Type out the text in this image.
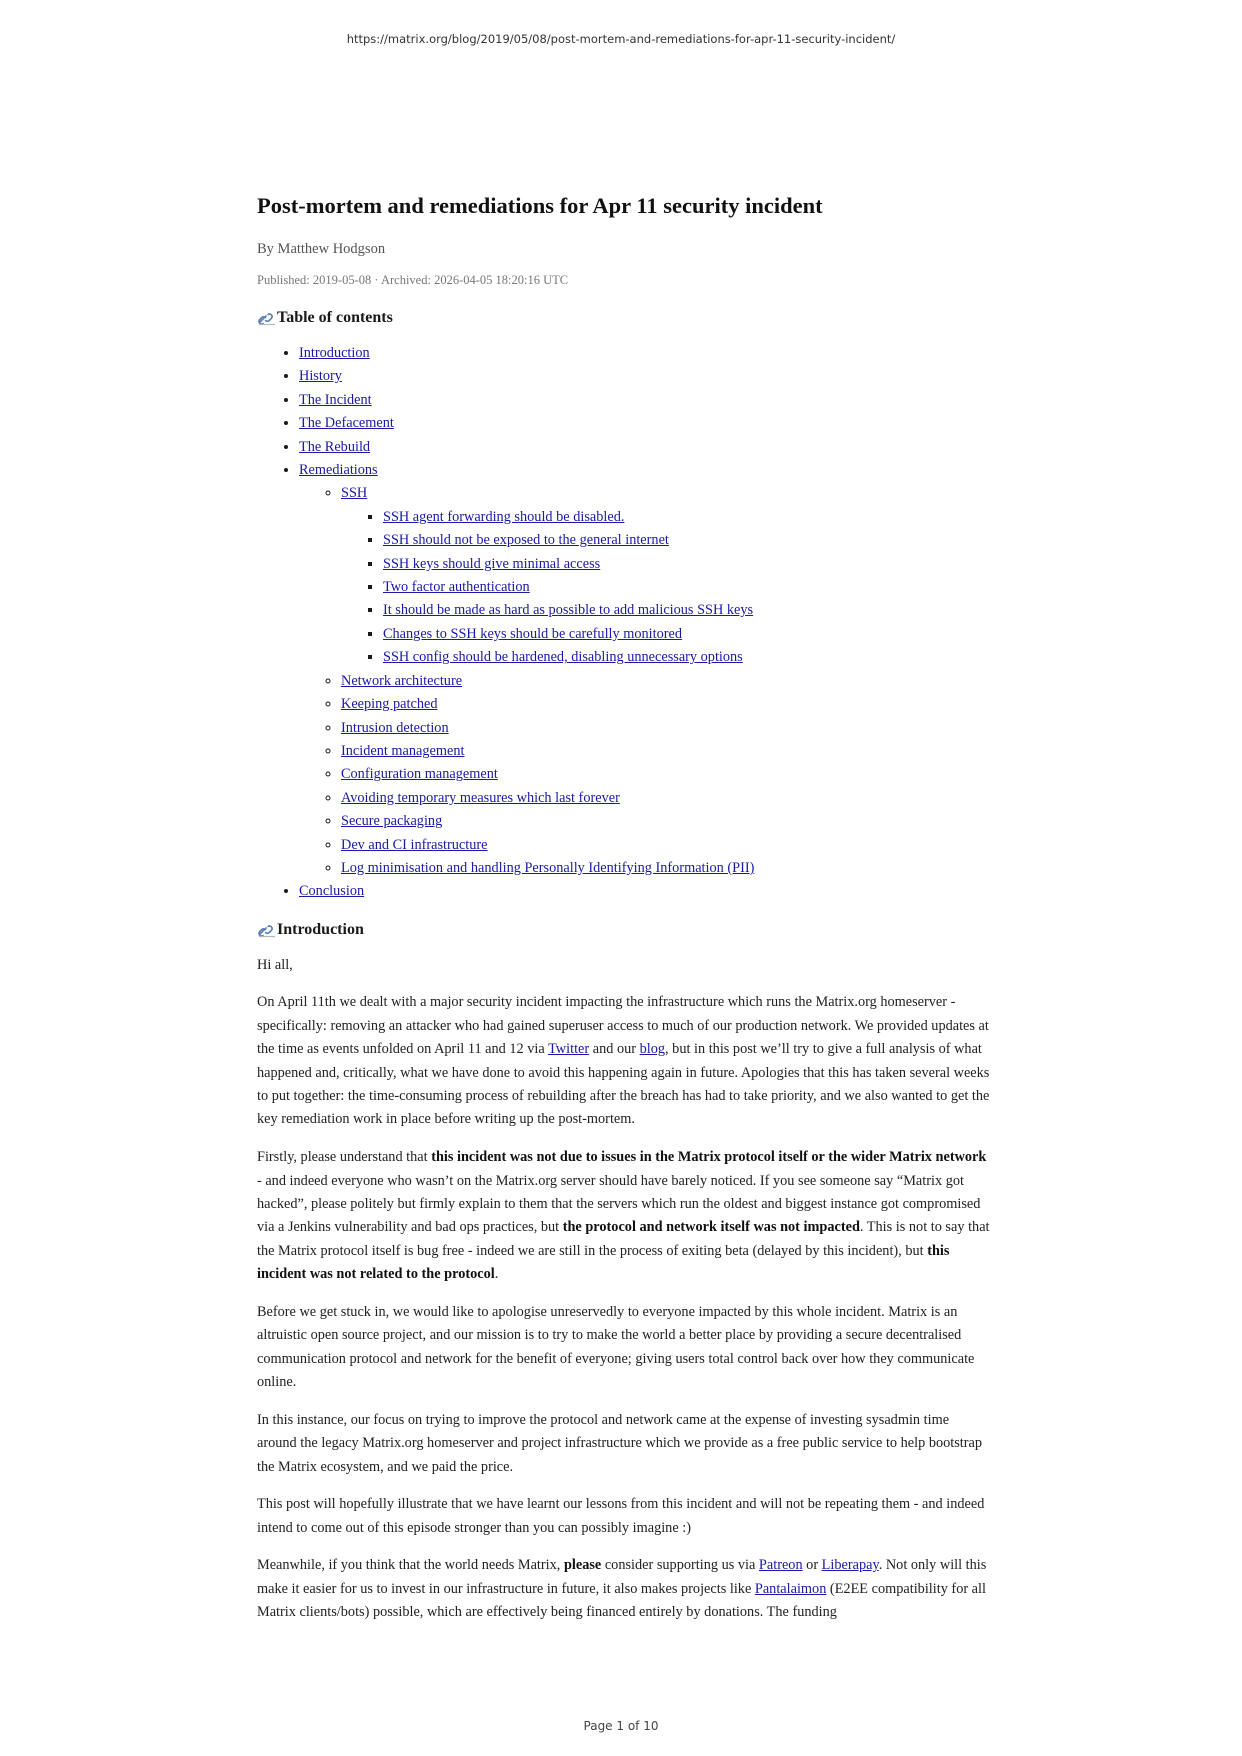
https://matrix.org/blog/2019/05/08/post-mortem-and-remediations-for-apr-11-security-incident/
Post-mortem and remediations for Apr 11 security incident
By Matthew Hodgson
Published: 2019-05-08 · Archived: 2026-04-05 18:20:16 UTC
Table of contents
• Introduction
• History
• The Incident
• The Defacement
• The Rebuild
• Remediations
◦ SSH
▪ SSH agent forwarding should be disabled.
▪ SSH should not be exposed to the general internet
▪ SSH keys should give minimal access
▪ Two factor authentication
▪ It should be made as hard as possible to add malicious SSH keys
▪ Changes to SSH keys should be carefully monitored
▪ SSH config should be hardened, disabling unnecessary options
◦ Network architecture
◦ Keeping patched
◦ Intrusion detection
◦ Incident management
◦ Configuration management
◦ Avoiding temporary measures which last forever
◦ Secure packaging
◦ Dev and CI infrastructure
◦ Log minimisation and handling Personally Identifying Information (PII)
• Conclusion
Introduction

Hi all,

On April 11th we dealt with a major security incident impacting the infrastructure which runs the Matrix.org homeserver - specifically: removing an attacker who had gained superuser access to much of our production network. We provided updates at the time as events unfolded on April 11 and 12 via Twitter and our blog, but in this post we’ll try to give a full analysis of what happened and, critically, what we have done to avoid this happening again in future. Apologies that this has taken several weeks to put together: the time-consuming process of rebuilding after the breach has had to take priority, and we also wanted to get the key remediation work in place before writing up the post-mortem.

Firstly, please understand that this incident was not due to issues in the Matrix protocol itself or the wider Matrix network - and indeed everyone who wasn’t on the Matrix.org server should have barely noticed. If you see someone say “Matrix got hacked”, please politely but firmly explain to them that the servers which run the oldest and biggest instance got compromised via a Jenkins vulnerability and bad ops practices, but the protocol and network itself was not impacted. This is not to say that the Matrix protocol itself is bug free - indeed we are still in the process of exiting beta (delayed by this incident), but this incident was not related to the protocol.

Before we get stuck in, we would like to apologise unreservedly to everyone impacted by this whole incident. Matrix is an altruistic open source project, and our mission is to try to make the world a better place by providing a secure decentralised communication protocol and network for the benefit of everyone; giving users total control back over how they communicate online.

In this instance, our focus on trying to improve the protocol and network came at the expense of investing sysadmin time around the legacy Matrix.org homeserver and project infrastructure which we provide as a free public service to help bootstrap the Matrix ecosystem, and we paid the price.

This post will hopefully illustrate that we have learnt our lessons from this incident and will not be repeating them - and indeed intend to come out of this episode stronger than you can possibly imagine :)

Meanwhile, if you think that the world needs Matrix, please consider supporting us via Patreon or Liberapay. Not only will this make it easier for us to invest in our infrastructure in future, it also makes projects like Pantalaimon (E2EE compatibility for all Matrix clients/bots) possible, which are effectively being financed entirely by donations. The funding

Page 1 of 10
